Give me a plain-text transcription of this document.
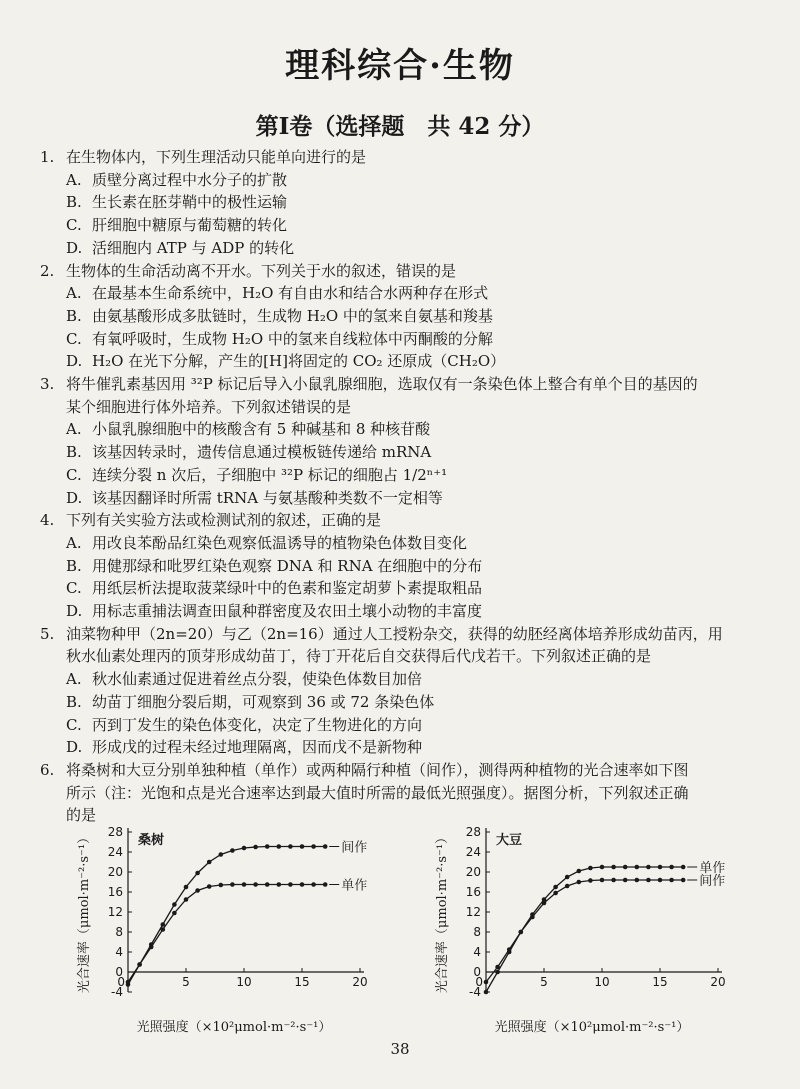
理科综合·生物
第Ⅰ卷（选择题　共 42 分）
1. 在生物体内，下列生理活动只能单向进行的是
A. 质壁分离过程中水分子的扩散
B. 生长素在胚芽鞘中的极性运输
C. 肝细胞中糖原与葡萄糖的转化
D. 活细胞内 ATP 与 ADP 的转化
2. 生物体的生命活动离不开水。下列关于水的叙述，错误的是
A. 在最基本生命系统中，H₂O 有自由水和结合水两种存在形式
B. 由氨基酸形成多肽链时，生成物 H₂O 中的氢来自氨基和羧基
C. 有氧呼吸时，生成物 H₂O 中的氢来自线粒体中丙酮酸的分解
D. H₂O 在光下分解，产生的[H]将固定的 CO₂ 还原成（CH₂O）
3. 将牛催乳素基因用 ³²P 标记后导入小鼠乳腺细胞，选取仅有一条染色体上整合有单个目的基因的
某个细胞进行体外培养。下列叙述错误的是
A. 小鼠乳腺细胞中的核酸含有 5 种碱基和 8 种核苷酸
B. 该基因转录时，遗传信息通过模板链传递给 mRNA
C. 连续分裂 n 次后，子细胞中 ³²P 标记的细胞占 1/2ⁿ⁺¹
D. 该基因翻译时所需 tRNA 与氨基酸种类数不一定相等
4. 下列有关实验方法或检测试剂的叙述，正确的是
A. 用改良苯酚品红染色观察低温诱导的植物染色体数目变化
B. 用健那绿和吡罗红染色观察 DNA 和 RNA 在细胞中的分布
C. 用纸层析法提取菠菜绿叶中的色素和鉴定胡萝卜素提取粗品
D. 用标志重捕法调查田鼠种群密度及农田土壤小动物的丰富度
5. 油菜物种甲（2n=20）与乙（2n=16）通过人工授粉杂交，获得的幼胚经离体培养形成幼苗丙，用
秋水仙素处理丙的顶芽形成幼苗丁，待丁开花后自交获得后代戊若干。下列叙述正确的是
A. 秋水仙素通过促进着丝点分裂，使染色体数目加倍
B. 幼苗丁细胞分裂后期，可观察到 36 或 72 条染色体
C. 丙到丁发生的染色体变化，决定了生物进化的方向
D. 形成戊的过程未经过地理隔离，因而戊不是新物种
6. 将桑树和大豆分别单独种植（单作）或两种隔行种植（间作），测得两种植物的光合速率如下图
所示（注：光饱和点是光合速率达到最大值时所需的最低光照强度）。据图分析，下列叙述正确
的是
-4
0
4
8
12
16
20
24
28
5	10	15	20
0
桑树
光合速率（μmol·m⁻²·s⁻¹）
光照强度（×10²μmol·m⁻²·s⁻¹）
间作
单作
-4
0
4
8
12
16
20
24
28
5	10	15	20
0
大豆
光合速率（μmol·m⁻²·s⁻¹）
光照强度（×10²μmol·m⁻²·s⁻¹）
单作
间作
38
